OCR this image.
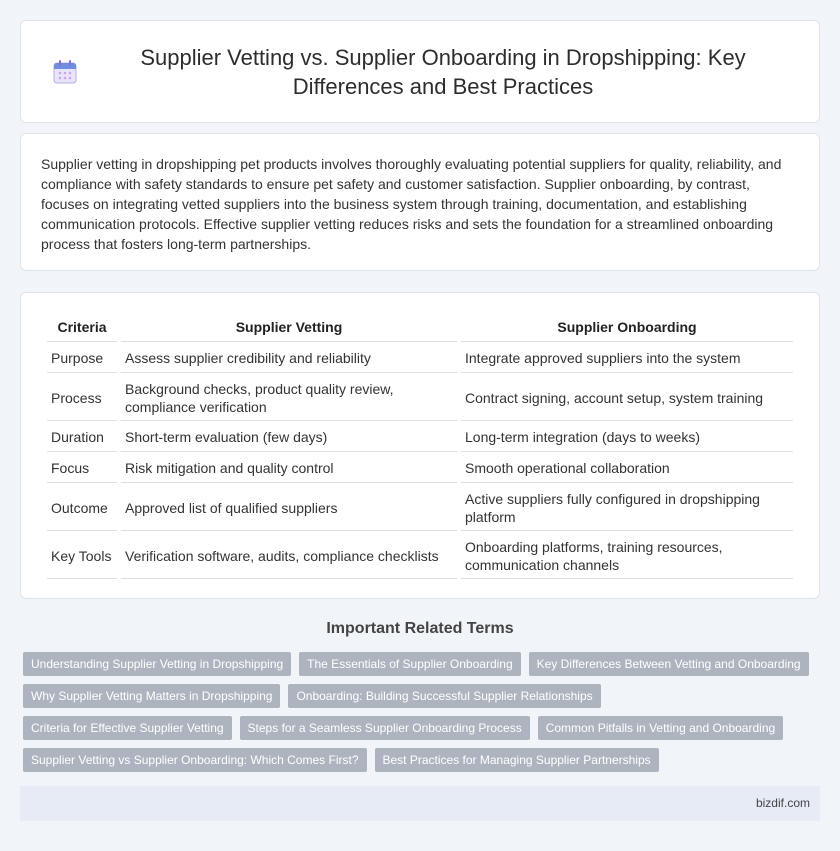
Supplier Vetting vs. Supplier Onboarding in Dropshipping: Key Differences and Best Practices

Supplier vetting in dropshipping pet products involves thoroughly evaluating potential suppliers for quality, reliability, and compliance with safety standards to ensure pet safety and customer satisfaction. Supplier onboarding, by contrast, focuses on integrating vetted suppliers into the business system through training, documentation, and establishing communication protocols. Effective supplier vetting reduces risks and sets the foundation for a streamlined onboarding process that fosters long-term partnerships.

Criteria	Supplier Vetting	Supplier Onboarding
Purpose	Assess supplier credibility and reliability	Integrate approved suppliers into the system
Process	Background checks, product quality review, compliance verification	Contract signing, account setup, system training
Duration	Short-term evaluation (few days)	Long-term integration (days to weeks)
Focus	Risk mitigation and quality control	Smooth operational collaboration
Outcome	Approved list of qualified suppliers	Active suppliers fully configured in dropshipping platform
Key Tools	Verification software, audits, compliance checklists	Onboarding platforms, training resources, communication channels
Important Related Terms
Understanding Supplier Vetting in Dropshipping	The Essentials of Supplier Onboarding	Key Differences Between Vetting and Onboarding
Why Supplier Vetting Matters in Dropshipping	Onboarding: Building Successful Supplier Relationships
Criteria for Effective Supplier Vetting	Steps for a Seamless Supplier Onboarding Process	Common Pitfalls in Vetting and Onboarding
Supplier Vetting vs Supplier Onboarding: Which Comes First?	Best Practices for Managing Supplier Partnerships
bizdif.com
